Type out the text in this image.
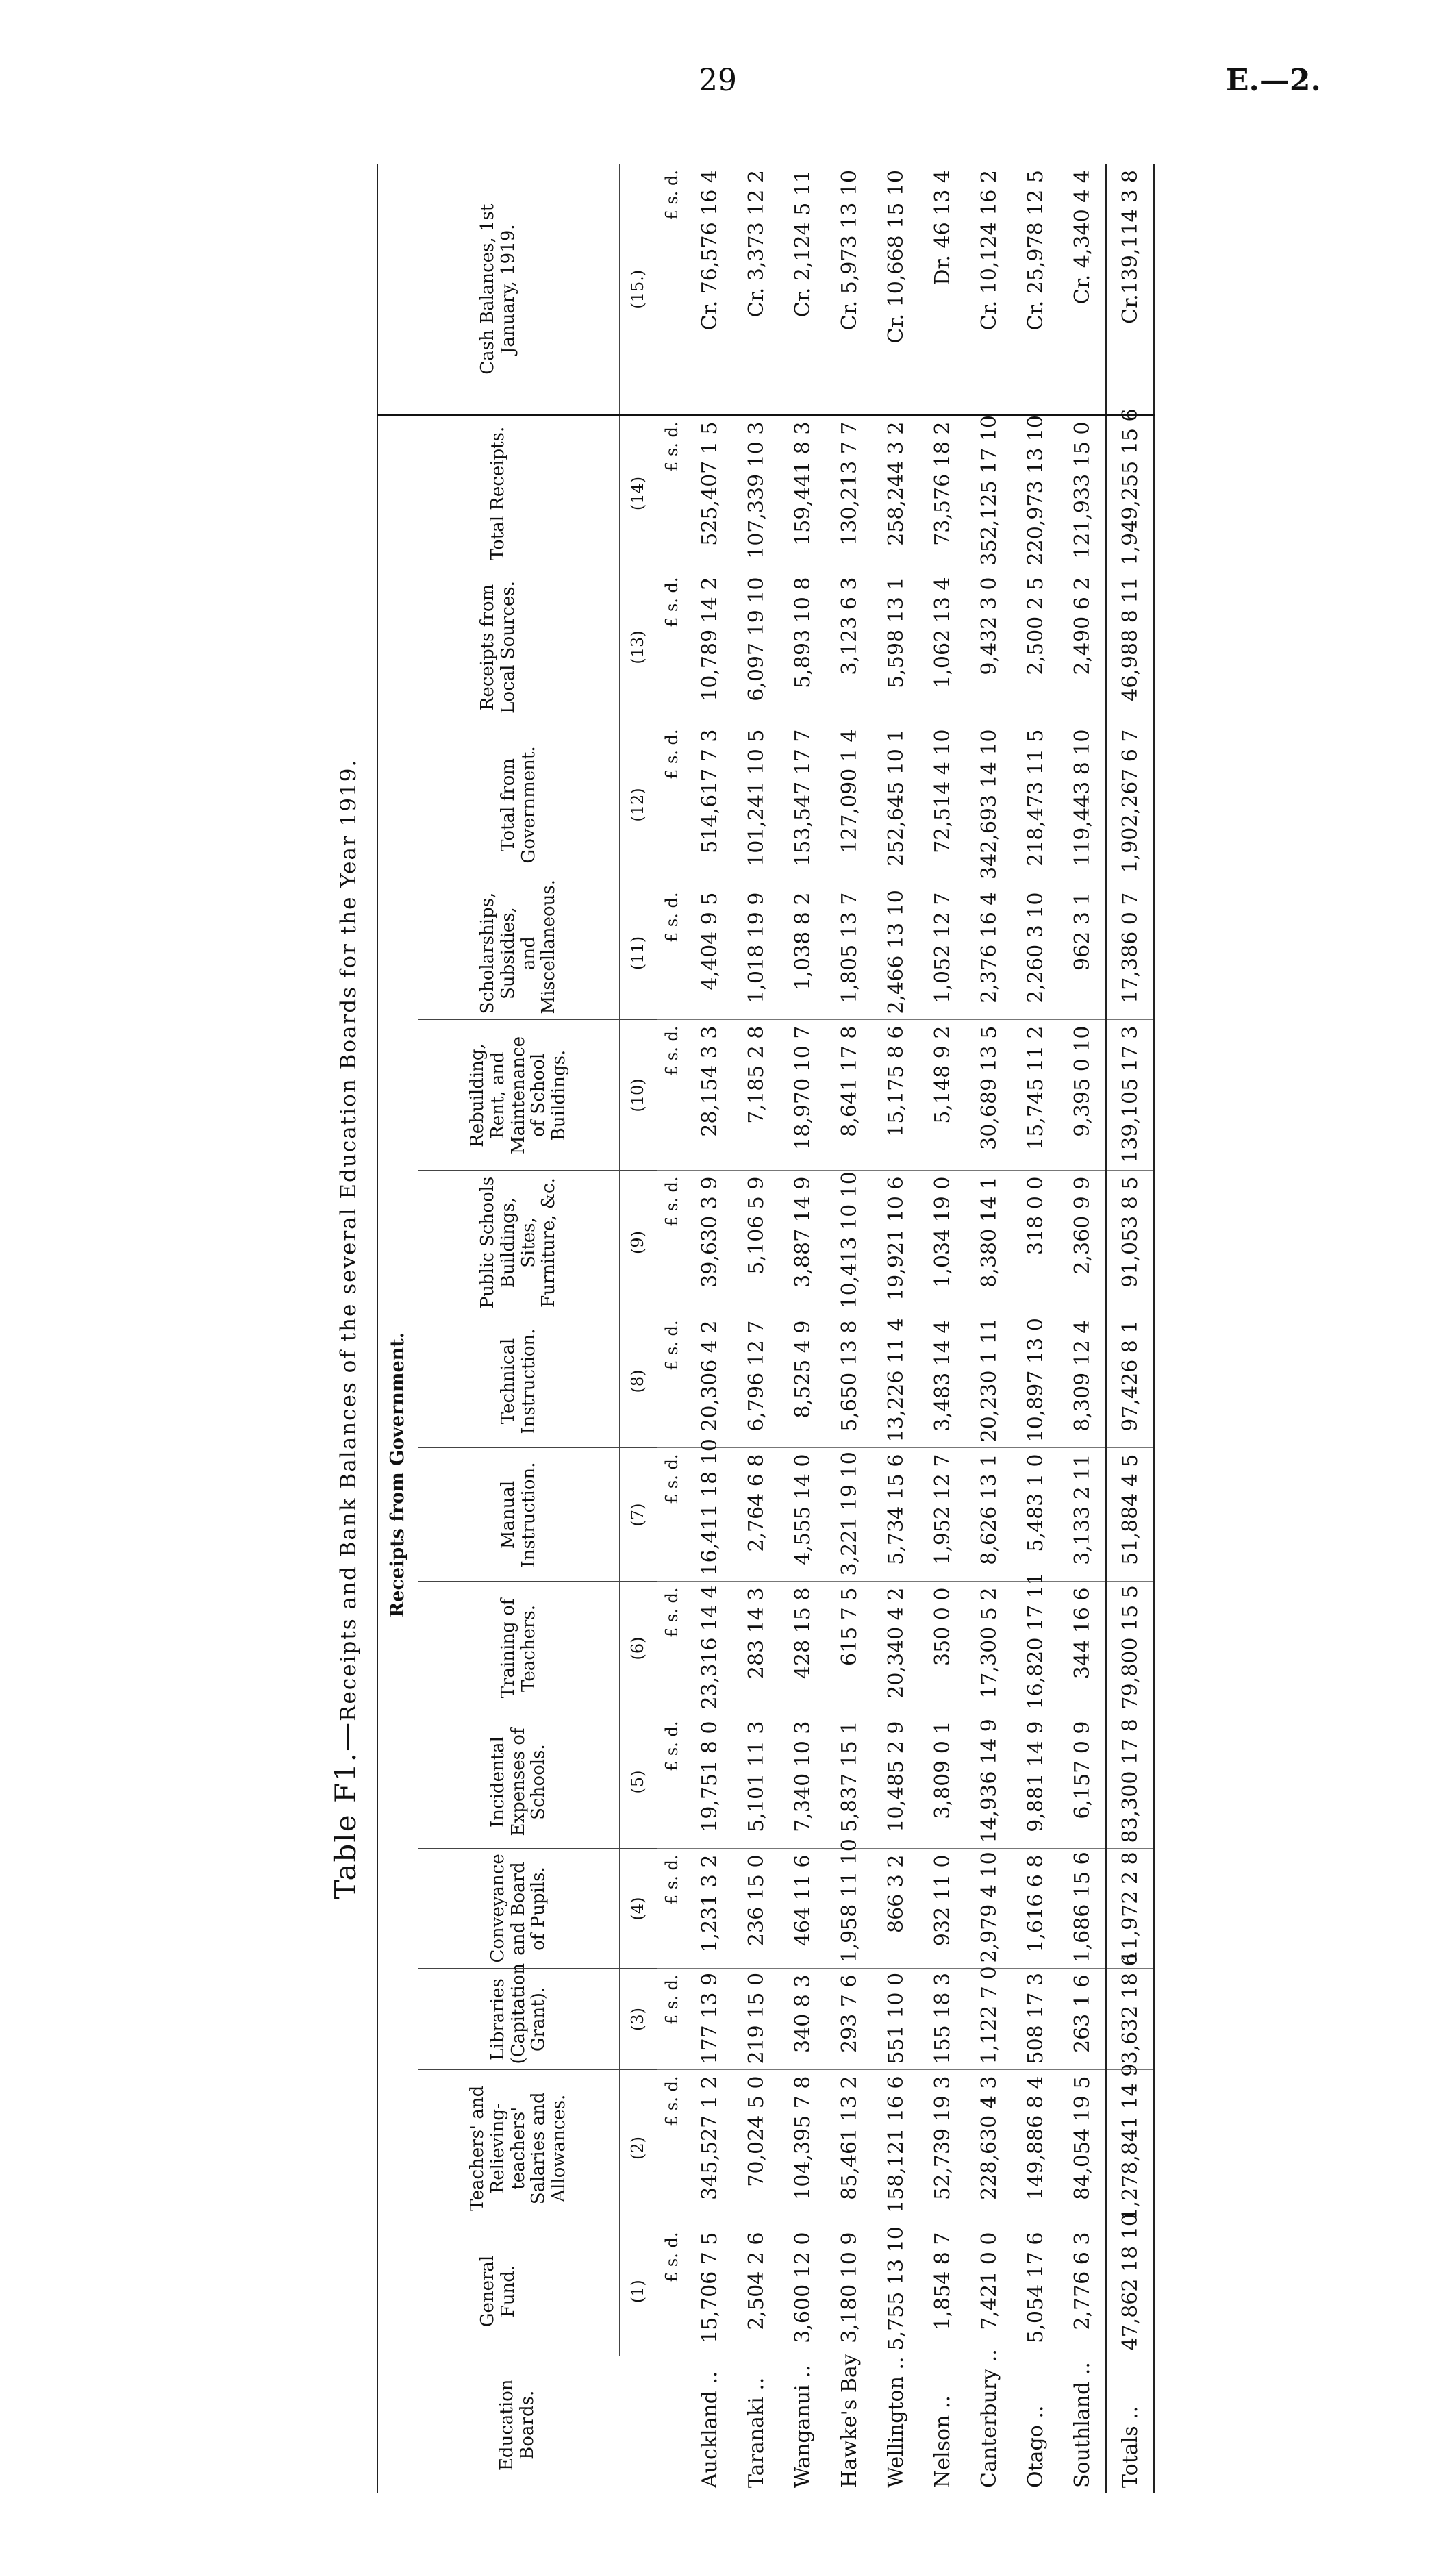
29	E.—2.
Table F1.—Receipts and Bank Balances of the several Education Boards for the Year 1919.
Education Boards.	General Fund.	Receipts from Government.											Receipts from Local Sources.	Total Receipts.	Cash Balances, 1st January, 1919.
		Teachers' and Relieving-teachers' Salaries and Allowances.	Libraries (Capitation Grant).	Conveyance and Board of Pupils.	Incidental Expenses of Schools.	Training of Teachers.	Manual Instruction.	Technical Instruction.	Public Schools Buildings, Sites, Furniture, &c.	Rebuilding, Rent, and Maintenance of School Buildings.	Scholarships, Subsidies, and Miscellaneous.	Total from Government.			
	(1)	(2)	(3)	(4)	(5)	(6)	(7)	(8)	(9)	(10)	(11)	(12)	(13)	(14)	(15.)
	£ s. d.	£ s. d.	£ s. d.	£ s. d.	£ s. d.	£ s. d.	£ s. d.	£ s. d.	£ s. d.	£ s. d.	£ s. d.	£ s. d.	£ s. d.	£ s. d.	£ s. d.
Auckland ..	15,706 7 5	345,527 1 2	177 13 9	1,231 3 2	19,751 8 0	23,316 14 4	16,411 18 10	20,306 4 2	39,630 3 9	28,154 3 3	4,404 9 5	514,617 7 3	10,789 14 2	525,407 1 5	Cr. 76,576 16 4
Taranaki ..	2,504 2 6	70,024 5 0	219 15 0	236 15 0	5,101 11 3	283 14 3	2,764 6 8	6,796 12 7	5,106 5 9	7,185 2 8	1,018 19 9	101,241 10 5	6,097 19 10	107,339 10 3	Cr. 3,373 12 2
Wanganui ..	3,600 12 0	104,395 7 8	340 8 3	464 11 6	7,340 10 3	428 15 8	4,555 14 0	8,525 4 9	3,887 14 9	18,970 10 7	1,038 8 2	153,547 17 7	5,893 10 8	159,441 8 3	Cr. 2,124 5 11
Hawke's Bay	3,180 10 9	85,461 13 2	293 7 6	1,958 11 10	5,837 15 1	615 7 5	3,221 19 10	5,650 13 8	10,413 10 10	8,641 17 8	1,805 13 7	127,090 1 4	3,123 6 3	130,213 7 7	Cr. 5,973 13 10
Wellington ..	5,755 13 10	158,121 16 6	551 10 0	866 3 2	10,485 2 9	20,340 4 2	5,734 15 6	13,226 11 4	19,921 10 6	15,175 8 6	2,466 13 10	252,645 10 1	5,598 13 1	258,244 3 2	Cr. 10,668 15 10
Nelson ..	1,854 8 7	52,739 19 3	155 18 3	932 11 0	3,809 0 1	350 0 0	1,952 12 7	3,483 14 4	1,034 19 0	5,148 9 2	1,052 12 7	72,514 4 10	1,062 13 4	73,576 18 2	Dr. 46 13 4
Canterbury ..	7,421 0 0	228,630 4 3	1,122 7 0	2,979 4 10	14,936 14 9	17,300 5 2	8,626 13 1	20,230 1 11	8,380 14 1	30,689 13 5	2,376 16 4	342,693 14 10	9,432 3 0	352,125 17 10	Cr. 10,124 16 2
Otago ..	5,054 17 6	149,886 8 4	508 17 3	1,616 6 8	9,881 14 9	16,820 17 11	5,483 1 0	10,897 13 0	318 0 0	15,745 11 2	2,260 3 10	218,473 11 5	2,500 2 5	220,973 13 10	Cr. 25,978 12 5
Southland ..	2,776 6 3	84,054 19 5	263 1 6	1,686 15 6	6,157 0 9	344 16 6	3,133 2 11	8,309 12 4	2,360 9 9	9,395 0 10	962 3 1	119,443 8 10	2,490 6 2	121,933 15 0	Cr. 4,340 4 4
Totals ..	47,862 18 10	1,278,841 14 9	3,632 18 6	11,972 2 8	83,300 17 8	79,800 15 5	51,884 4 5	97,426 8 1	91,053 8 5	139,105 17 3	17,386 0 7	1,902,267 6 7	46,988 8 11	1,949,255 15 6	Cr.139,114 3 8
